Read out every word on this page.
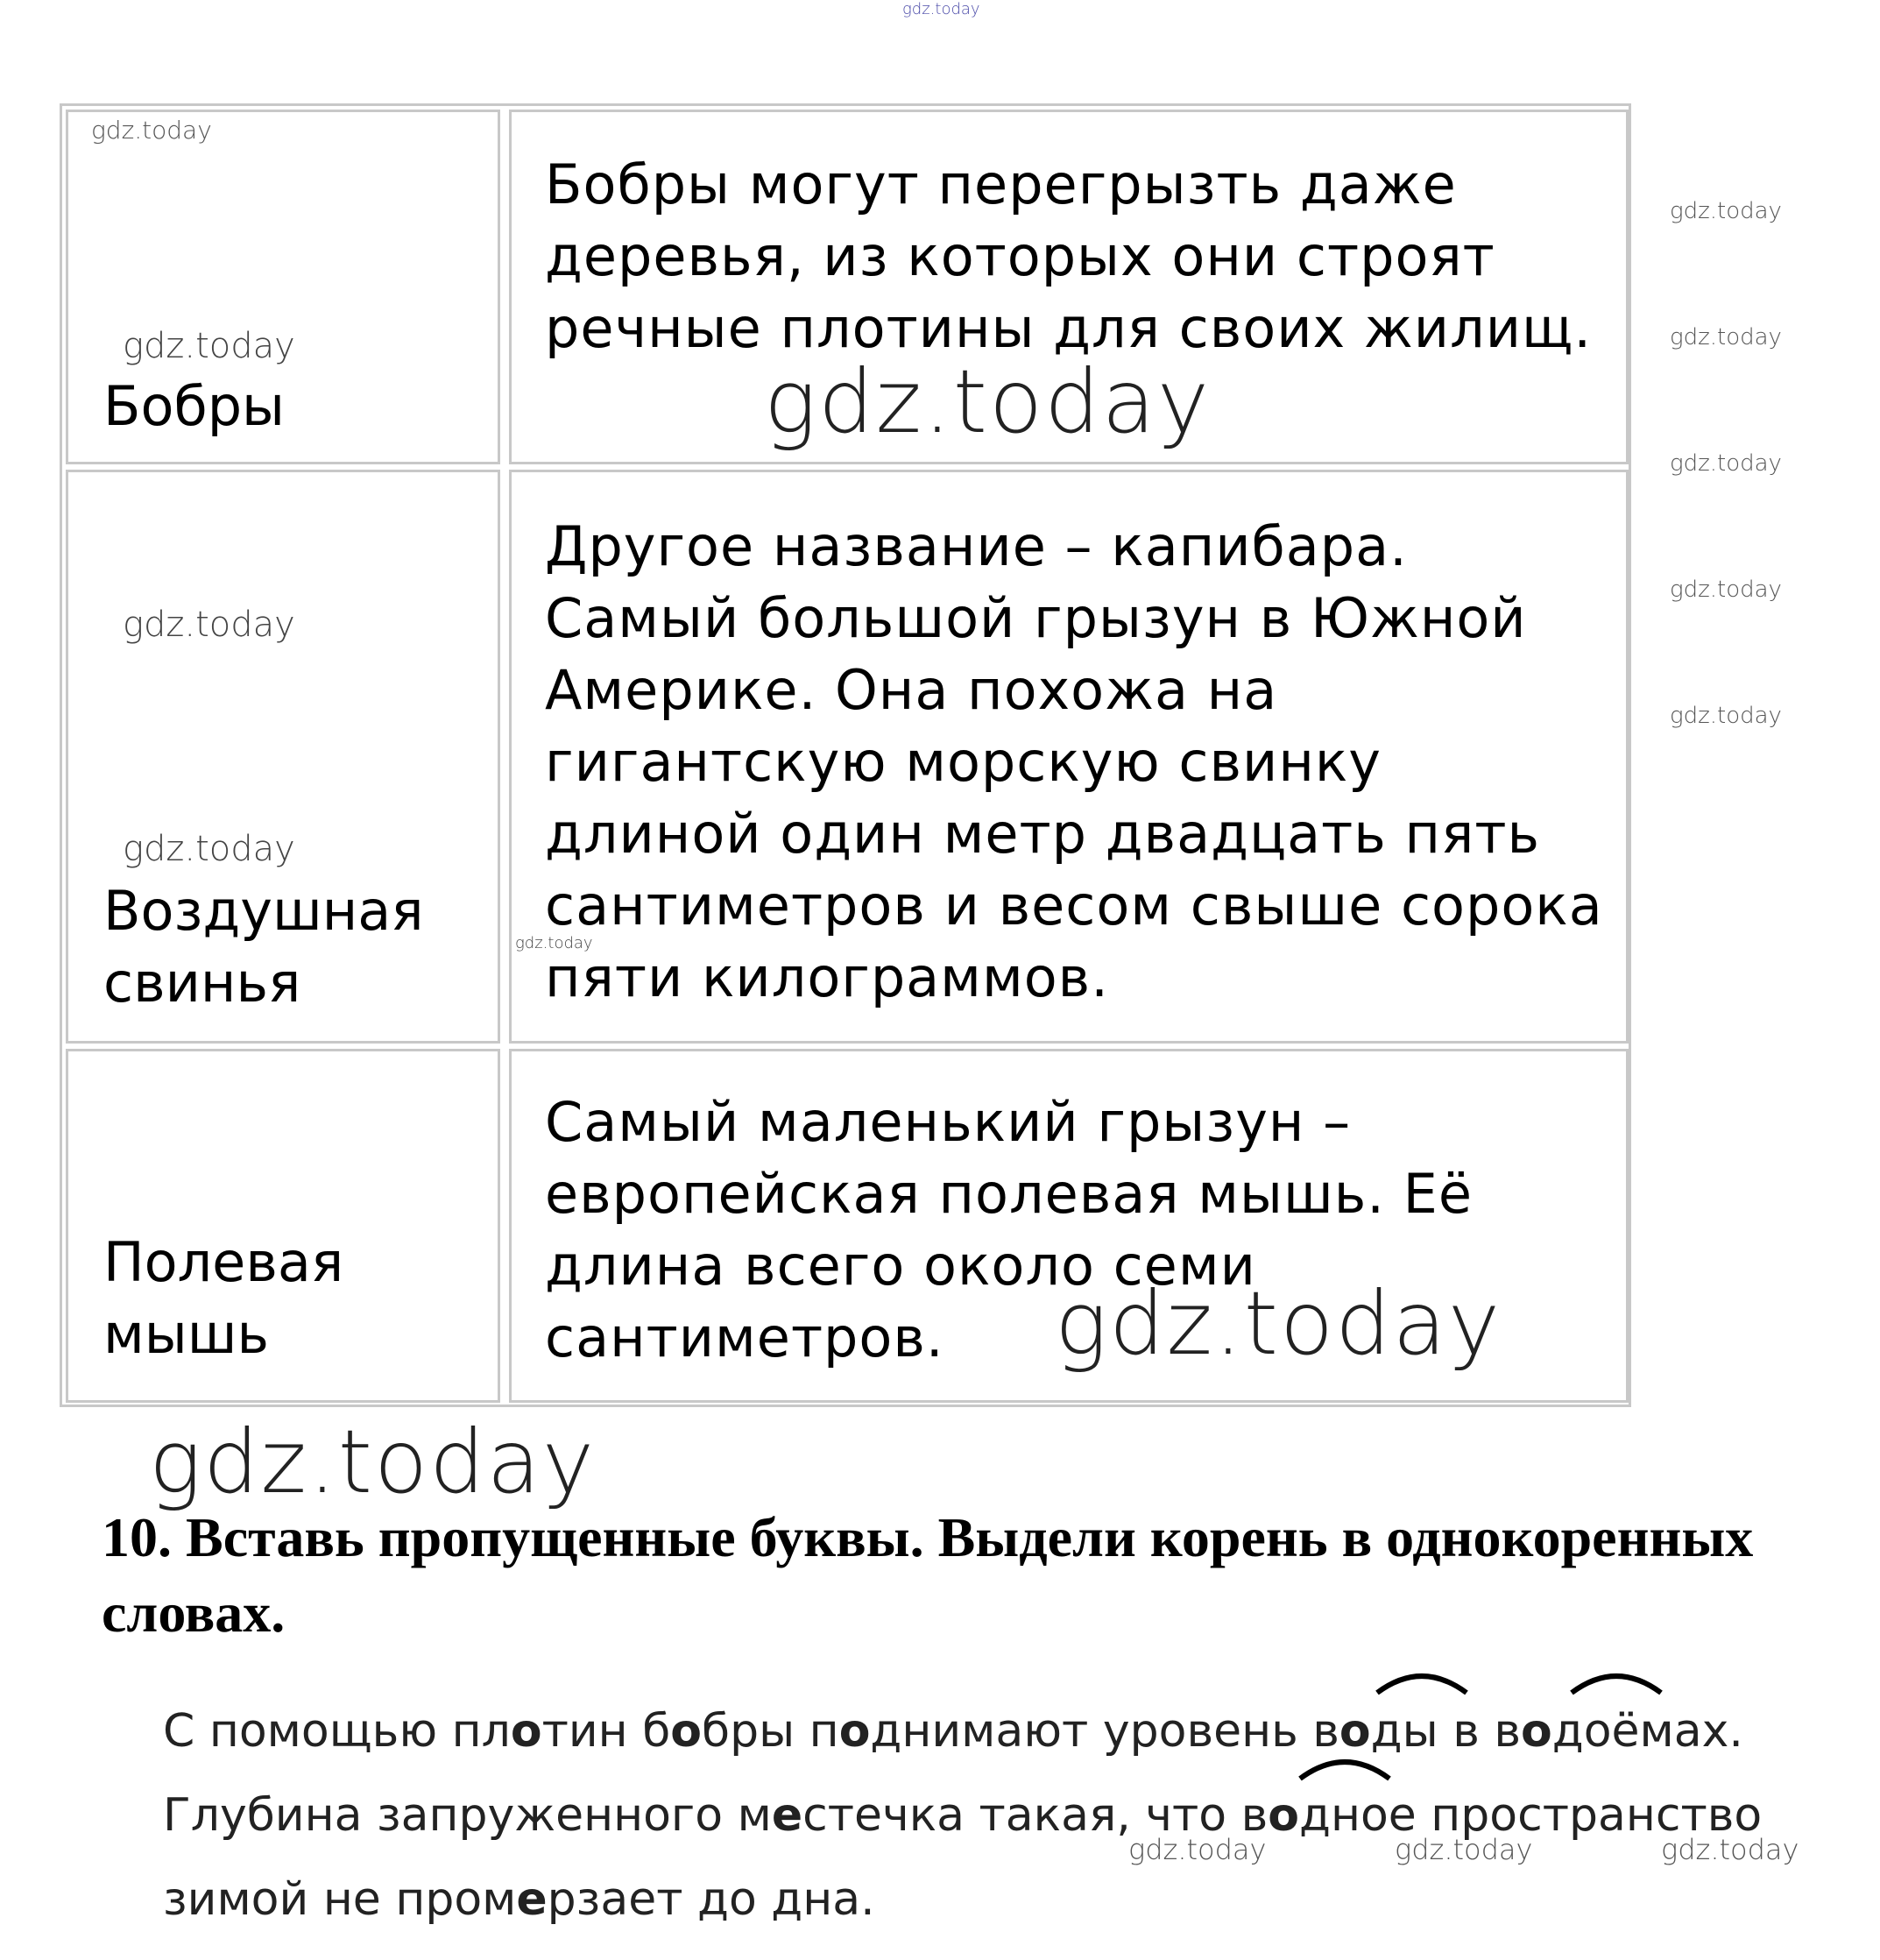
gdz.today
Бобры
Бобры могут перегрызть даже деревья, из которых они строят речные плотины для своих жилищ.
Воздушная
свинья
Другое название – капибара. Самый большой грызун в Южной Америке. Она похожа на гигантскую морскую свинку длиной один метр двадцать пять сантиметров и весом свыше сорока пяти килограммов.
Полевая
мышь
Самый маленький грызун – европейская полевая мышь. Её длина всего около семи сантиметров.
gdz.today
gdz.today
gdz.today
gdz.today
gdz.today
gdz.today
gdz.today
gdz.today
gdz.today
gdz.today
gdz.today
gdz.today
gdz.today
10. Вставь пропущенные буквы. Выдели корень в однокоренных словах.
С помощью плотин бобры поднимают уровень воды в водоёмах.
Глубина запруженного местечка такая, что водное пространство
зимой не промерзает до дна.
gdz.today	gdz.today	gdz.today
